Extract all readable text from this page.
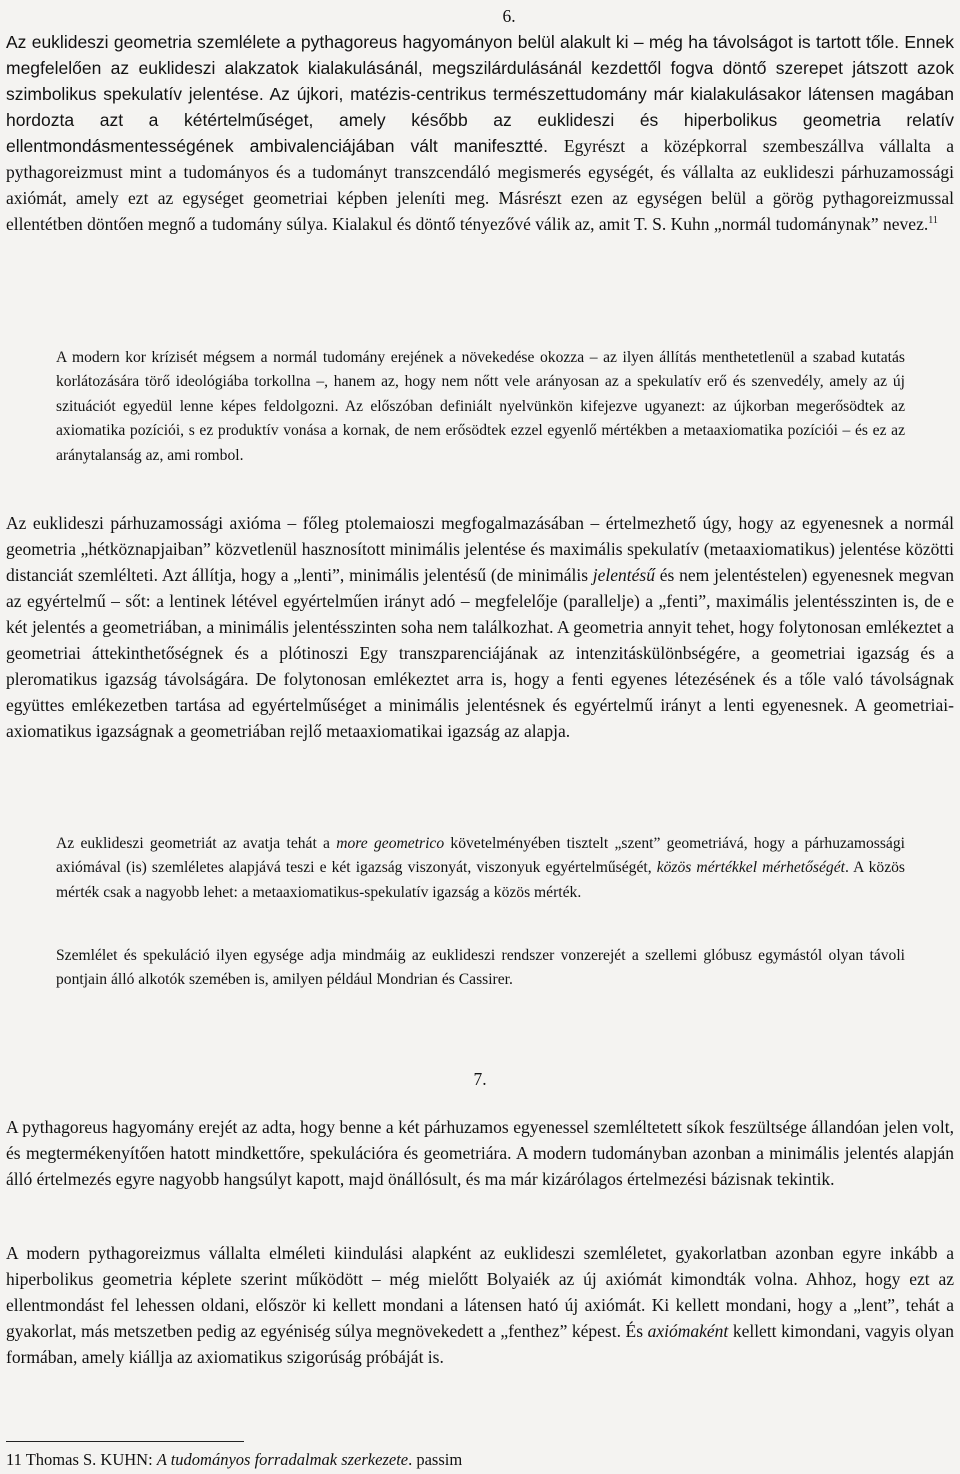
6.

Az euklideszi geometria szemlélete a pythagoreus hagyományon belül alakult ki – még ha távolságot is tartott tőle. Ennek megfelelően az euklideszi alakzatok kialakulásánál, megszilárdulásánál kezdettől fogva döntő szerepet játszott azok szimbolikus spekulatív jelentése. Az újkori, matézis-centrikus természettudomány már kialakulásakor látensen magában hordozta azt a kétértelműséget, amely később az euklideszi és hiperbolikus geometria relatív ellentmondásmentességének ambivalenciájában vált manifesztté. Egyrészt a középkorral szembeszállva vállalta a pythagoreizmust mint a tudományos és a tudományt transzcendáló megismerés egységét, és vállalta az euklideszi párhuzamossági axiómát, amely ezt az egységet geometriai képben jeleníti meg. Másrészt ezen az egységen belül a görög pythagoreizmussal ellentétben döntően megnő a tudomány súlya. Kialakul és döntő tényezővé válik az, amit T. S. Kuhn „normál tudománynak” nevez.$^{11}$

A modern kor krízisét mégsem a normál tudomány erejének a növekedése okozza – az ilyen állítás menthetetlenül a szabad kutatás korlátozására törő ideológiába torkollna –, hanem az, hogy nem nőtt vele arányosan az a spekulatív erő és szenvedély, amely az új szituációt egyedül lenne képes feldolgozni. Az előszóban definiált nyelvünkön kifejezve ugyanezt: az újkorban megerősödtek az axiomatika pozíciói, s ez produktív vonása a kornak, de nem erősödtek ezzel egyenlő mértékben a metaaxiomatika pozíciói – és ez az aránytalanság az, ami rombol.

Az euklideszi párhuzamossági axióma – főleg ptolemaioszi megfogalmazásában – értelmezhető úgy, hogy az egyenesnek a normál geometria „hétköznapjaiban” közvetlenül hasznosított minimális jelentése és maximális spekulatív (metaaxiomatikus) jelentése közötti distanciát szemlélteti. Azt állítja, hogy a „lenti”, minimális jelentésű (de minimális jelentésű és nem jelentéstelen) egyenesnek megvan az egyértelmű – sőt: a lentinek létével egyértelműen irányt adó – megfelelője (parallelje) a „fenti”, maximális jelentésszinten is, de e két jelentés a geometriában, a minimális jelentésszinten soha nem találkozhat. A geometria annyit tehet, hogy folytonosan emlékeztet a geometriai áttekinthetőségnek és a plótinoszi Egy transzparenciájának az intenzitáskülönbségére, a geometriai igazság és a pleromatikus igazság távolságára. De folytonosan emlékeztet arra is, hogy a fenti egyenes létezésének és a tőle való távolságnak együttes emlékezetben tartása ad egyértelműséget a minimális jelentésnek és egyértelmű irányt a lenti egyenesnek. A geometriai-axiomatikus igazságnak a geometriában rejlő metaaxiomatikai igazság az alapja.

Az euklideszi geometriát az avatja tehát a more geometrico követelményében tisztelt „szent” geometriává, hogy a párhuzamossági axiómával (is) szemléletes alapjává teszi e két igazság viszonyát, viszonyuk egyértelműségét, közös mértékkel mérhetőségét. A közös mérték csak a nagyobb lehet: a metaaxiomatikus-spekulatív igazság a közös mérték.

Szemlélet és spekuláció ilyen egysége adja mindmáig az euklideszi rendszer vonzerejét a szellemi glóbusz egymástól olyan távoli pontjain álló alkotók szemében is, amilyen például Mondrian és Cassirer.

7.

A pythagoreus hagyomány erejét az adta, hogy benne a két párhuzamos egyenessel szemléltetett síkok feszültsége állandóan jelen volt, és megtermékenyítően hatott mindkettőre, spekulációra és geometriára. A modern tudományban azonban a minimális jelentés alapján álló értelmezés egyre nagyobb hangsúlyt kapott, majd önállósult, és ma már kizárólagos értelmezési bázisnak tekintik.

A modern pythagoreizmus vállalta elméleti kiindulási alapként az euklideszi szemléletet, gyakorlatban azonban egyre inkább a hiperbolikus geometria képlete szerint működött – még mielőtt Bolyaiék az új axiómát kimondták volna. Ahhoz, hogy ezt az ellentmondást fel lehessen oldani, először ki kellett mondani a látensen ható új axiómát. Ki kellett mondani, hogy a „lent”, tehát a gyakorlat, más metszetben pedig az egyéniség súlya megnövekedett a „fenthez” képest. És axiómaként kellett kimondani, vagyis olyan formában, amely kiállja az axiomatikus szigorúság próbáját is.

11 Thomas S. KUHN: A tudományos forradalmak szerkezete. passim
